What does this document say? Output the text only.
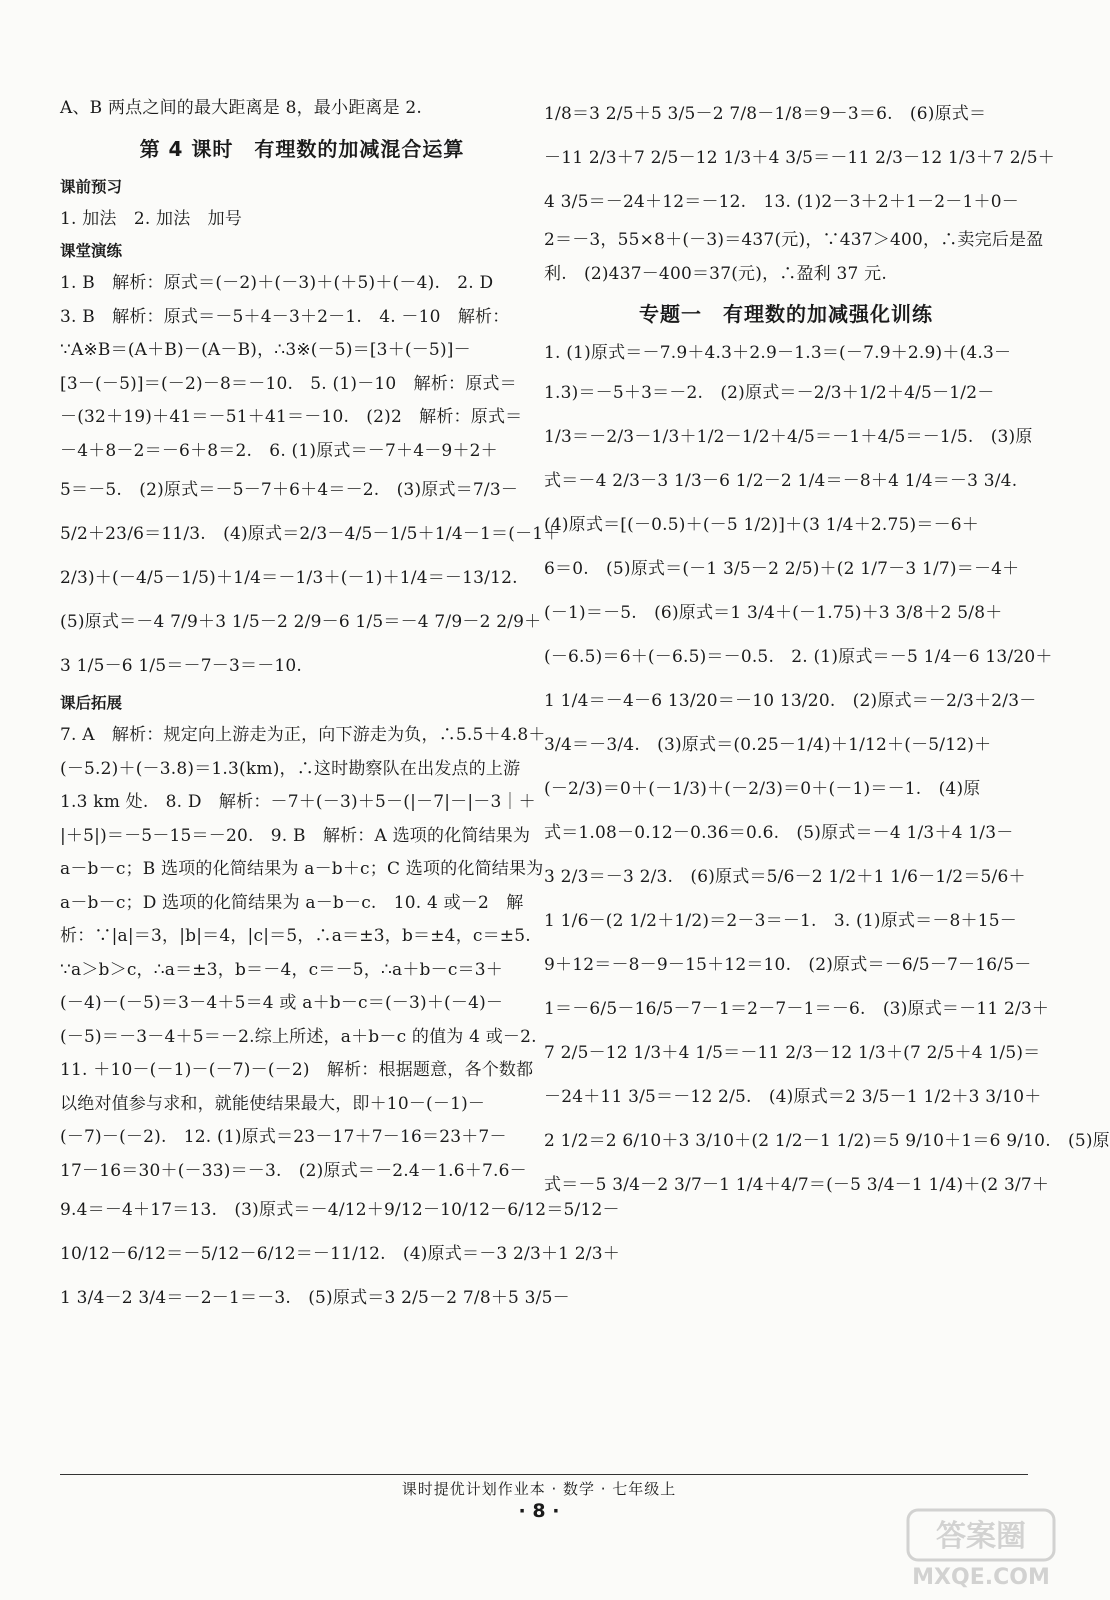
A、B 两点之间的最大距离是 8，最小距离是 2.
第 4 课时　有理数的加减混合运算
课前预习
1. 加法　2. 加法　加号
课堂演练
1. B　解析：原式＝(－2)＋(－3)＋(＋5)＋(－4).　2. D
3. B　解析：原式＝－5＋4－3＋2－1.　4. －10　解析：
∵A※B＝(A＋B)－(A－B)，∴3※(－5)＝[3＋(－5)]－
[3－(－5)]＝(－2)－8＝－10.　5. (1)－10　解析：原式＝
－(32＋19)＋41＝－51＋41＝－10.　(2)2　解析：原式＝
－4＋8－2＝－6＋8＝2.　6. (1)原式＝－7＋4－9＋2＋
5＝－5.　(2)原式＝－5－7＋6＋4＝－2.　(3)原式＝7/3－
5/2＋23/6＝11/3.　(4)原式＝2/3－4/5－1/5＋1/4－1＝(－1＋
2/3)＋(－4/5－1/5)＋1/4＝－1/3＋(－1)＋1/4＝－13/12.
(5)原式＝－4 7/9＋3 1/5－2 2/9－6 1/5＝－4 7/9－2 2/9＋
3 1/5－6 1/5＝－7－3＝－10.
课后拓展
7. A　解析：规定向上游走为正，向下游走为负，∴5.5＋4.8＋
(－5.2)＋(－3.8)＝1.3(km)，∴这时勘察队在出发点的上游
1.3 km 处.　8. D　解析：－7＋(－3)＋5－(|－7|－|－3｜＋
|＋5|)＝－5－15＝－20.　9. B　解析：A 选项的化简结果为
a－b－c；B 选项的化简结果为 a－b＋c；C 选项的化简结果为
a－b－c；D 选项的化简结果为 a－b－c.　10. 4 或－2　解
析：∵|a|＝3，|b|＝4，|c|＝5，∴a＝±3，b＝±4，c＝±5.
∵a＞b＞c，∴a＝±3，b＝－4，c＝－5，∴a＋b－c＝3＋
(－4)－(－5)＝3－4＋5＝4 或 a＋b－c＝(－3)＋(－4)－
(－5)＝－3－4＋5＝－2.综上所述，a＋b－c 的值为 4 或－2.
11. ＋10－(－1)－(－7)－(－2)　解析：根据题意，各个数都
以绝对值参与求和，就能使结果最大，即＋10－(－1)－
(－7)－(－2).　12. (1)原式＝23－17＋7－16＝23＋7－
17－16＝30＋(－33)＝－3.　(2)原式＝－2.4－1.6＋7.6－
9.4＝－4＋17＝13.　(3)原式＝－4/12＋9/12－10/12－6/12＝5/12－
10/12－6/12＝－5/12－6/12＝－11/12.　(4)原式＝－3 2/3＋1 2/3＋
1 3/4－2 3/4＝－2－1＝－3.　(5)原式＝3 2/5－2 7/8＋5 3/5－
1/8＝3 2/5＋5 3/5－2 7/8－1/8＝9－3＝6.　(6)原式＝
－11 2/3＋7 2/5－12 1/3＋4 3/5＝－11 2/3－12 1/3＋7 2/5＋
4 3/5＝－24＋12＝－12.　13. (1)2－3＋2＋1－2－1＋0－
2＝－3，55×8＋(－3)＝437(元)，∵437＞400，∴卖完后是盈
利.　(2)437－400＝37(元)，∴盈利 37 元.
专题一　有理数的加减强化训练
1. (1)原式＝－7.9＋4.3＋2.9－1.3＝(－7.9＋2.9)＋(4.3－
1.3)＝－5＋3＝－2.　(2)原式＝－2/3＋1/2＋4/5－1/2－
1/3＝－2/3－1/3＋1/2－1/2＋4/5＝－1＋4/5＝－1/5.　(3)原
式＝－4 2/3－3 1/3－6 1/2－2 1/4＝－8＋4 1/4＝－3 3/4.
(4)原式＝[(－0.5)＋(－5 1/2)]＋(3 1/4＋2.75)＝－6＋
6＝0.　(5)原式＝(－1 3/5－2 2/5)＋(2 1/7－3 1/7)＝－4＋
(－1)＝－5.　(6)原式＝1 3/4＋(－1.75)＋3 3/8＋2 5/8＋
(－6.5)＝6＋(－6.5)＝－0.5.　2. (1)原式＝－5 1/4－6 13/20＋
1 1/4＝－4－6 13/20＝－10 13/20.　(2)原式＝－2/3＋2/3－
3/4＝－3/4.　(3)原式＝(0.25－1/4)＋1/12＋(－5/12)＋
(－2/3)＝0＋(－1/3)＋(－2/3)＝0＋(－1)＝－1.　(4)原
式＝1.08－0.12－0.36＝0.6.　(5)原式＝－4 1/3＋4 1/3－
3 2/3＝－3 2/3.　(6)原式＝5/6－2 1/2＋1 1/6－1/2＝5/6＋
1 1/6－(2 1/2＋1/2)＝2－3＝－1.　3. (1)原式＝－8＋15－
9＋12＝－8－9－15＋12＝10.　(2)原式＝－6/5－7－16/5－
1＝－6/5－16/5－7－1＝2－7－1＝－6.　(3)原式＝－11 2/3＋
7 2/5－12 1/3＋4 1/5＝－11 2/3－12 1/3＋(7 2/5＋4 1/5)＝
－24＋11 3/5＝－12 2/5.　(4)原式＝2 3/5－1 1/2＋3 3/10＋
2 1/2＝2 6/10＋3 3/10＋(2 1/2－1 1/2)＝5 9/10＋1＝6 9/10.　(5)原
式＝－5 3/4－2 3/7－1 1/4＋4/7＝(－5 3/4－1 1/4)＋(2 3/7＋
课时提优计划作业本 · 数学 · 七年级上
· 8 ·
答案圈
MXQE.COM
